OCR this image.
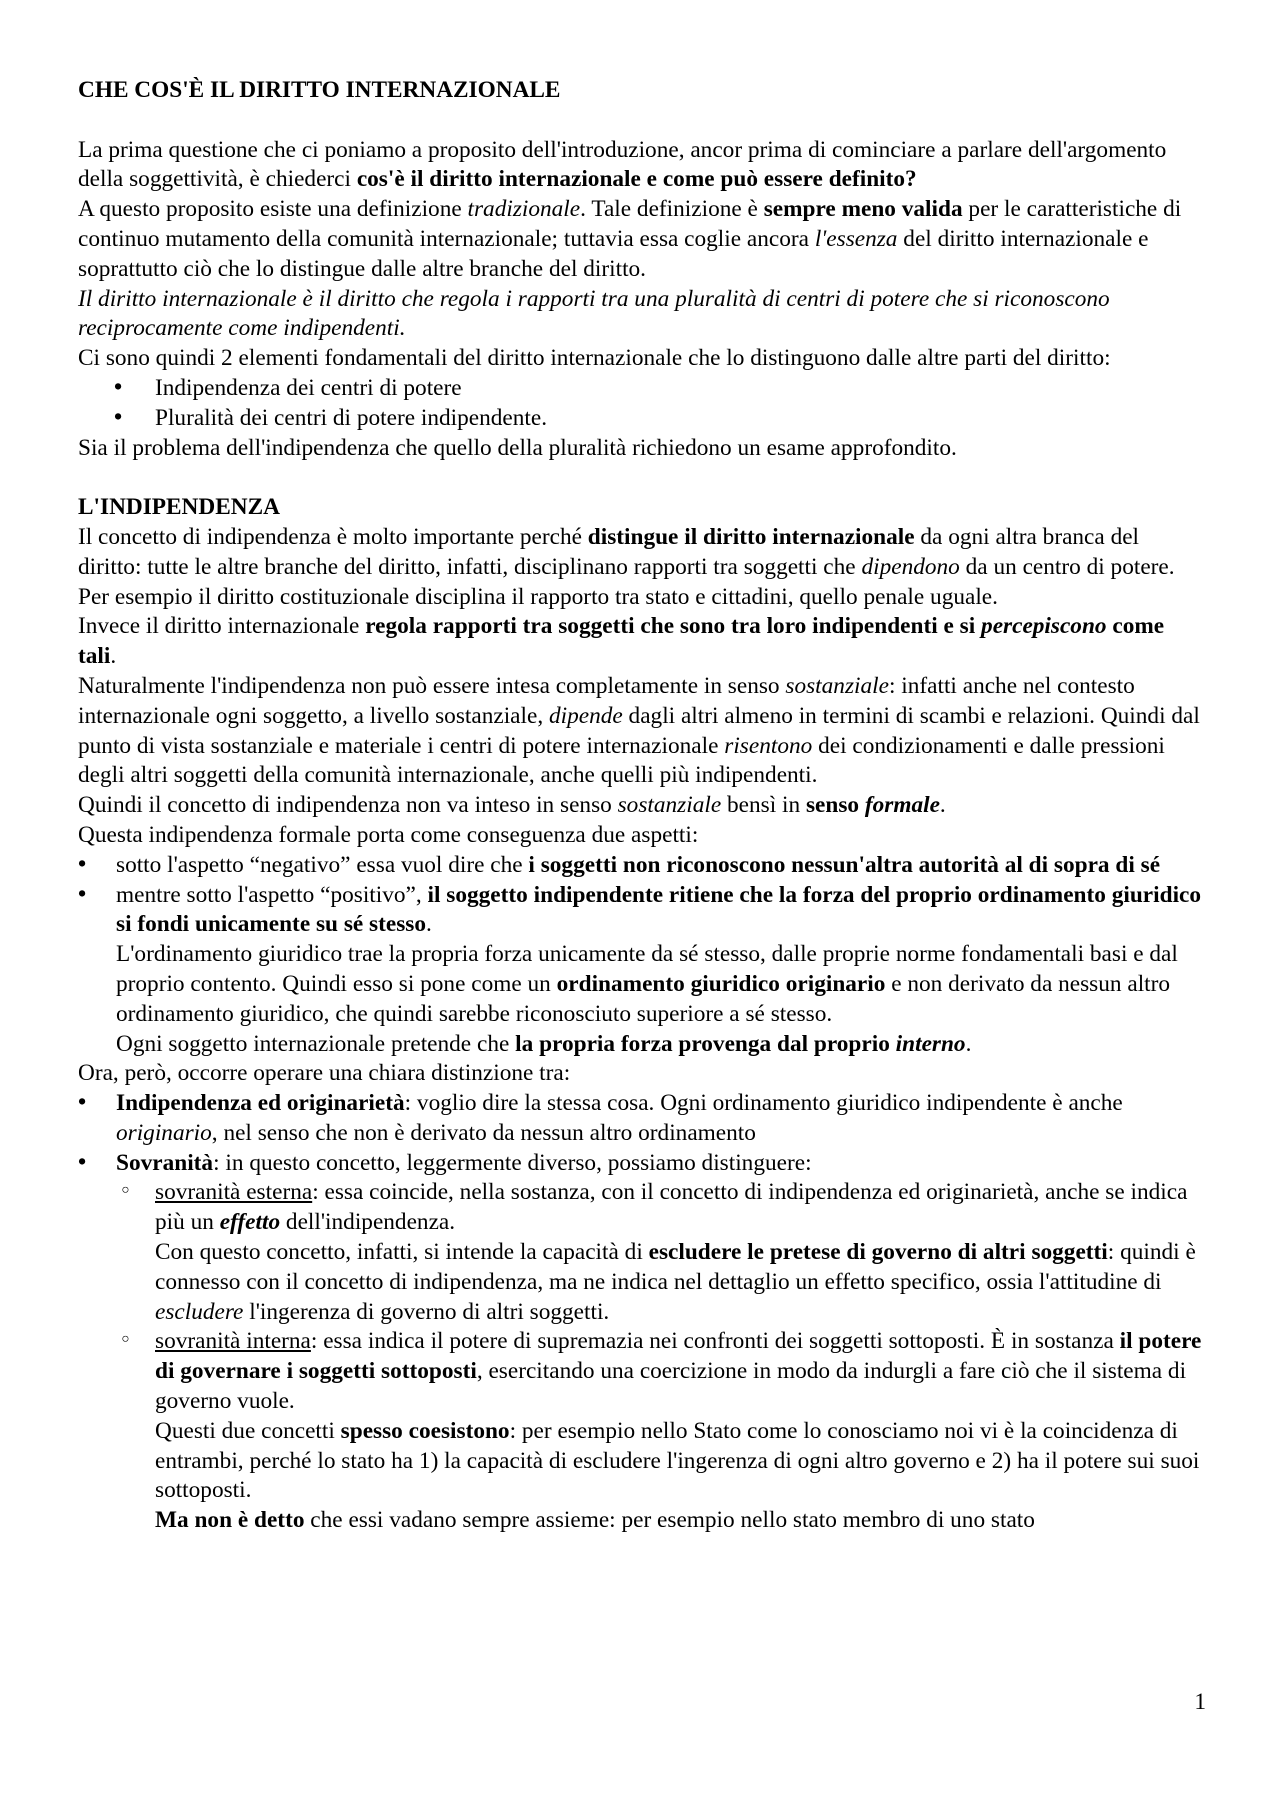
CHE COS'È IL DIRITTO INTERNAZIONALE

La prima questione che ci poniamo a proposito dell'introduzione, ancor prima di cominciare a parlare dell'argomento della soggettività, è chiederci cos'è il diritto internazionale e come può essere definito?

A questo proposito esiste una definizione tradizionale. Tale definizione è sempre meno valida per le caratteristiche di continuo mutamento della comunità internazionale; tuttavia essa coglie ancora l'essenza del diritto internazionale e soprattutto ciò che lo distingue dalle altre branche del diritto.

Il diritto internazionale è il diritto che regola i rapporti tra una pluralità di centri di potere che si riconoscono reciprocamente come indipendenti.

Ci sono quindi 2 elementi fondamentali del diritto internazionale che lo distinguono dalle altre parti del diritto:

• Indipendenza dei centri di potere
• Pluralità dei centri di potere indipendente.

Sia il problema dell'indipendenza che quello della pluralità richiedono un esame approfondito.

L'INDIPENDENZA

Il concetto di indipendenza è molto importante perché distingue il diritto internazionale da ogni altra branca del diritto: tutte le altre branche del diritto, infatti, disciplinano rapporti tra soggetti che dipendono da un centro di potere. Per esempio il diritto costituzionale disciplina il rapporto tra stato e cittadini, quello penale uguale.

Invece il diritto internazionale regola rapporti tra soggetti che sono tra loro indipendenti e si percepiscono come tali.

Naturalmente l'indipendenza non può essere intesa completamente in senso sostanziale: infatti anche nel contesto internazionale ogni soggetto, a livello sostanziale, dipende dagli altri almeno in termini di scambi e relazioni. Quindi dal punto di vista sostanziale e materiale i centri di potere internazionale risentono dei condizionamenti e dalle pressioni degli altri soggetti della comunità internazionale, anche quelli più indipendenti.

Quindi il concetto di indipendenza non va inteso in senso sostanziale bensì in senso formale.

Questa indipendenza formale porta come conseguenza due aspetti:

• sotto l'aspetto “negativo” essa vuol dire che i soggetti non riconoscono nessun'altra autorità al di sopra di sé

• mentre sotto l'aspetto “positivo”, il soggetto indipendente ritiene che la forza del proprio ordinamento giuridico si fondi unicamente su sé stesso.

L'ordinamento giuridico trae la propria forza unicamente da sé stesso, dalle proprie norme fondamentali basi e dal proprio contento. Quindi esso si pone come un ordinamento giuridico originario e non derivato da nessun altro ordinamento giuridico, che quindi sarebbe riconosciuto superiore a sé stesso.

Ogni soggetto internazionale pretende che la propria forza provenga dal proprio interno.

Ora, però, occorre operare una chiara distinzione tra:

• Indipendenza ed originarietà: voglio dire la stessa cosa. Ogni ordinamento giuridico indipendente è anche originario, nel senso che non è derivato da nessun altro ordinamento
• Sovranità: in questo concetto, leggermente diverso, possiamo distinguere:

◦ sovranità esterna: essa coincide, nella sostanza, con il concetto di indipendenza ed originarietà, anche se indica più un effetto dell'indipendenza.

Con questo concetto, infatti, si intende la capacità di escludere le pretese di governo di altri soggetti: quindi è connesso con il concetto di indipendenza, ma ne indica nel dettaglio un effetto specifico, ossia l'attitudine di escludere l'ingerenza di governo di altri soggetti.

◦ sovranità interna: essa indica il potere di supremazia nei confronti dei soggetti sottoposti. È in sostanza il potere di governare i soggetti sottoposti, esercitando una coercizione in modo da indurgli a fare ciò che il sistema di governo vuole.

Questi due concetti spesso coesistono: per esempio nello Stato come lo conosciamo noi vi è la coincidenza di entrambi, perché lo stato ha 1) la capacità di escludere l'ingerenza di ogni altro governo e 2) ha il potere sui suoi sottoposti.

Ma non è detto che essi vadano sempre assieme: per esempio nello stato membro di uno stato

1
